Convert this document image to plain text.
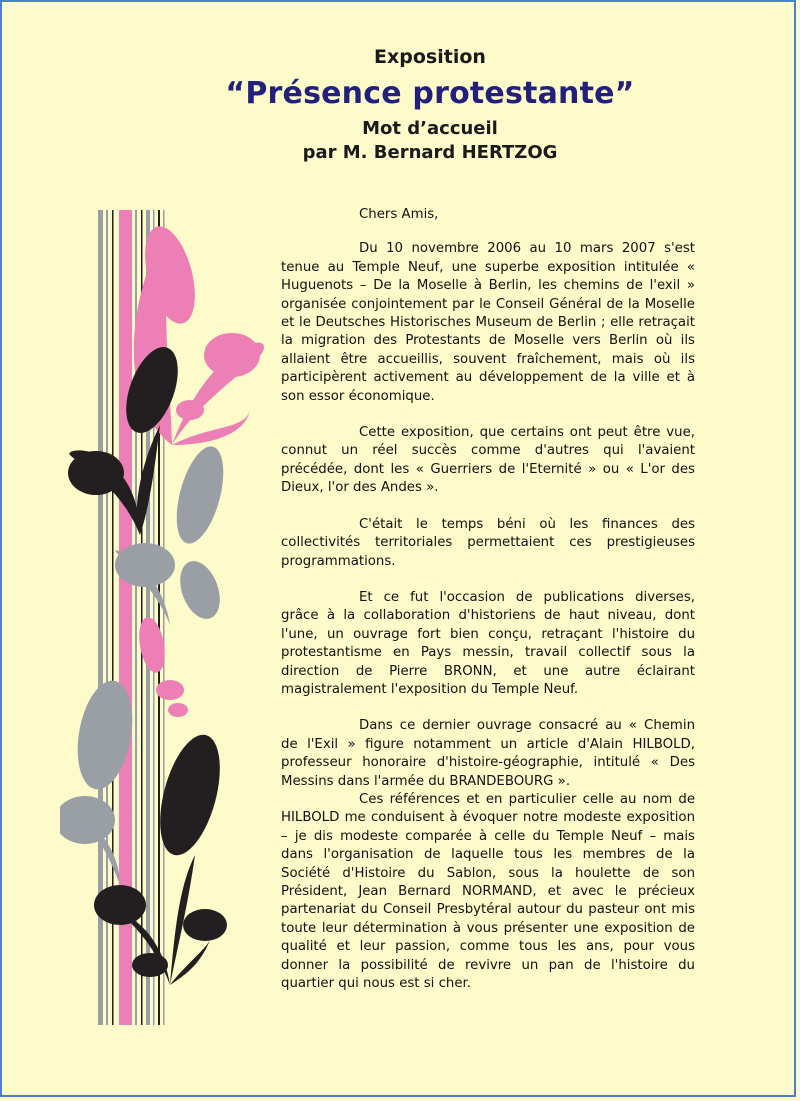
Exposition
“Présence protestante”
Mot d’accueil
par M. Bernard HERTZOG

Chers Amis,

Du 10 novembre 2006 au 10 mars 2007 s'est tenue au Temple Neuf, une superbe exposition intitulée « Huguenots – De la Moselle à Berlin, les chemins de l'exil » organisée conjointement par le Conseil Général de la Moselle et le Deutsches Historisches Museum de Berlin ; elle retraçait la migration des Protestants de Moselle vers Berlin où ils allaient être accueillis, souvent fraîchement, mais où ils participèrent activement au développement de la ville et à son essor économique.

Cette exposition, que certains ont peut être vue, connut un réel succès comme d'autres qui l'avaient précédée, dont les « Guerriers de l'Eternité » ou « L'or des Dieux, l'or des Andes ».

C'était le temps béni où les finances des collectivités territoriales permettaient ces prestigieuses programmations.

Et ce fut l'occasion de publications diverses, grâce à la collaboration d'historiens de haut niveau, dont l'une, un ouvrage fort bien conçu, retraçant l'histoire du protestantisme en Pays messin, travail collectif sous la direction de Pierre BRONN, et une autre éclairant magistralement l'exposition du Temple Neuf.

Dans ce dernier ouvrage consacré au « Chemin de l'Exil » figure notamment un article d'Alain HILBOLD, professeur honoraire d'histoire-géographie, intitulé « Des Messins dans l'armée du BRANDEBOURG ».

Ces références et en particulier celle au nom de HILBOLD me conduisent à évoquer notre modeste exposition – je dis modeste comparée à celle du Temple Neuf – mais dans l'organisation de laquelle tous les membres de la Société d'Histoire du Sablon, sous la houlette de son Président, Jean Bernard NORMAND, et avec le précieux partenariat du Conseil Presbytéral autour du pasteur ont mis toute leur détermination à vous présenter une exposition de qualité et leur passion, comme tous les ans, pour vous donner la possibilité de revivre un pan de l'histoire du quartier qui nous est si cher.
